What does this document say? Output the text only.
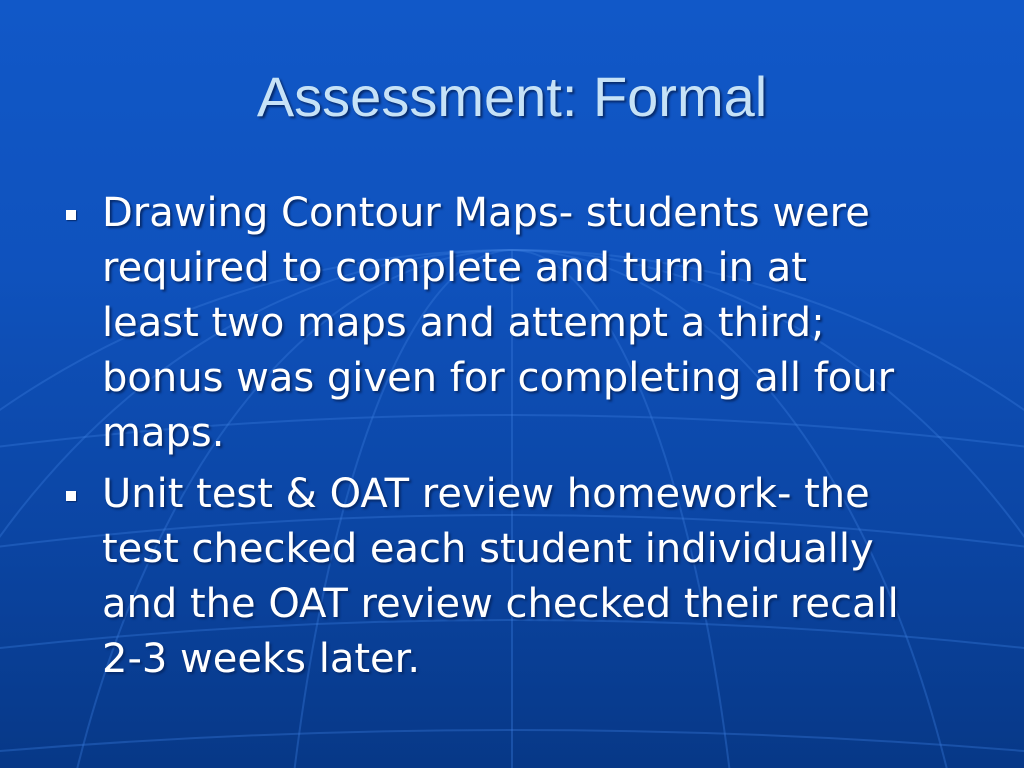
Assessment: Formal
Drawing Contour Maps- students were
required to complete and turn in at
least two maps and attempt a third;
bonus was given for completing all four
maps.
Unit test & OAT review homework- the
test checked each student individually
and the OAT review checked their recall
2-3 weeks later.
